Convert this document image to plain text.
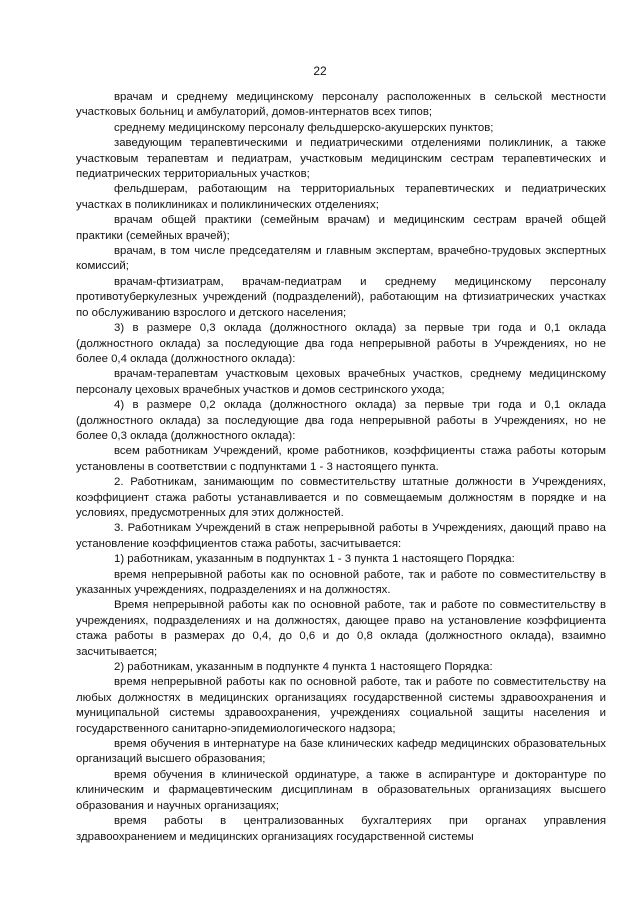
22

врачам и среднему медицинскому персоналу расположенных в сельской местности участковых больниц и амбулаторий, домов-интернатов всех типов;

среднему медицинскому персоналу фельдшерско-акушерских пунктов;

заведующим терапевтическими и педиатрическими отделениями поликлиник, а также участковым терапевтам и педиатрам, участковым медицинским сестрам терапевтических и педиатрических территориальных участков;

фельдшерам, работающим на территориальных терапевтических и педиатрических участках в поликлиниках и поликлинических отделениях;

врачам общей практики (семейным врачам) и медицинским сестрам врачей общей практики (семейных врачей);

врачам, в том числе председателям и главным экспертам, врачебно-трудовых экспертных комиссий;

врачам-фтизиатрам, врачам-педиатрам и среднему медицинскому персоналу противотуберкулезных учреждений (подразделений), работающим на фтизиатрических участках по обслуживанию взрослого и детского населения;

3) в размере 0,3 оклада (должностного оклада) за первые три года и 0,1 оклада (должностного оклада) за последующие два года непрерывной работы в Учреждениях, но не более 0,4 оклада (должностного оклада):

врачам-терапевтам участковым цеховых врачебных участков, среднему медицинскому персоналу цеховых врачебных участков и домов сестринского ухода;

4) в размере 0,2 оклада (должностного оклада) за первые три года и 0,1 оклада (должностного оклада) за последующие два года непрерывной работы в Учреждениях, но не более 0,3 оклада (должностного оклада):

всем работникам Учреждений, кроме работников, коэффициенты стажа работы которым установлены в соответствии с подпунктами 1 - 3 настоящего пункта.

2. Работникам, занимающим по совместительству штатные должности в Учреждениях, коэффициент стажа работы устанавливается и по совмещаемым должностям в порядке и на условиях, предусмотренных для этих должностей.

3. Работникам Учреждений в стаж непрерывной работы в Учреждениях, дающий право на установление коэффициентов стажа работы, засчитывается:

1) работникам, указанным в подпунктах 1 - 3 пункта 1 настоящего Порядка:

время непрерывной работы как по основной работе, так и работе по совместительству в указанных учреждениях, подразделениях и на должностях.

Время непрерывной работы как по основной работе, так и работе по совместительству в учреждениях, подразделениях и на должностях, дающее право на установление коэффициента стажа работы в размерах до 0,4, до 0,6 и до 0,8 оклада (должностного оклада), взаимно засчитывается;

2) работникам, указанным в подпункте 4 пункта 1 настоящего Порядка:

время непрерывной работы как по основной работе, так и работе по совместительству на любых должностях в медицинских организациях государственной системы здравоохранения и муниципальной системы здравоохранения, учреждениях социальной защиты населения и государственного санитарно-эпидемиологического надзора;

время обучения в интернатуре на базе клинических кафедр медицинских образовательных организаций высшего образования;

время обучения в клинической ординатуре, а также в аспирантуре и докторантуре по клиническим и фармацевтическим дисциплинам в образовательных организациях высшего образования и научных организациях;

время работы в централизованных бухгалтериях при органах управления здравоохранением и медицинских организациях государственной системы
